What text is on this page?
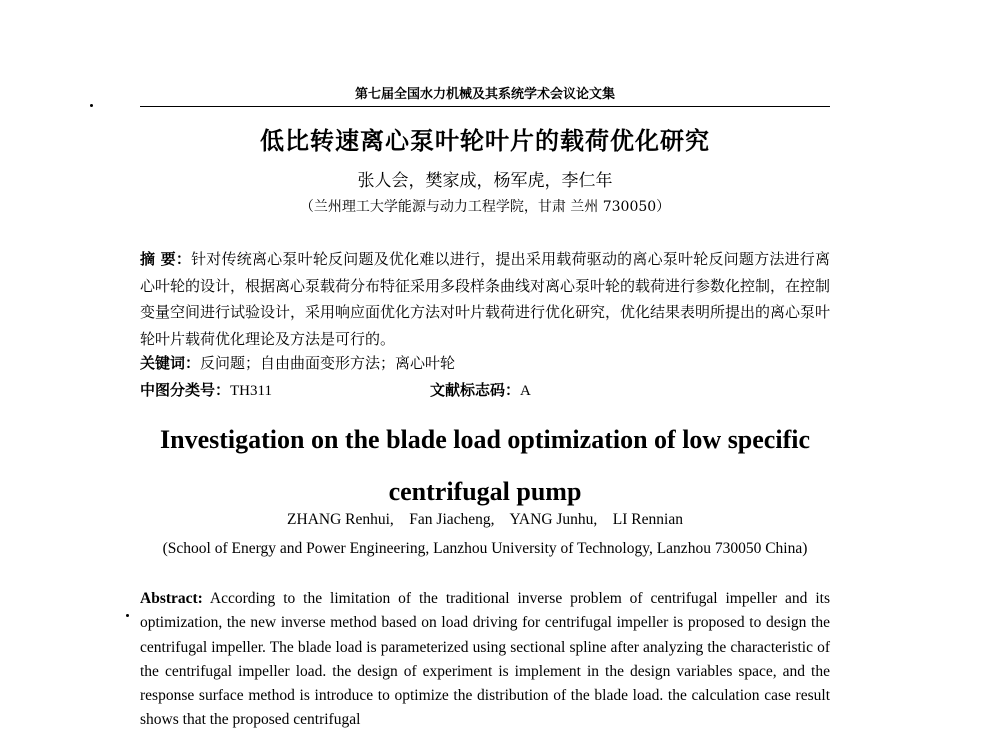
第七届全国水力机械及其系统学术会议论文集
低比转速离心泵叶轮叶片的载荷优化研究
张人会，樊家成，杨军虎，李仁年
（兰州理工大学能源与动力工程学院，甘肃 兰州 730050）
摘 要：针对传统离心泵叶轮反问题及优化难以进行，提出采用载荷驱动的离心泵叶轮反问题方法进行离心叶轮的设计，根据离心泵载荷分布特征采用多段样条曲线对离心泵叶轮的载荷进行参数化控制，在控制变量空间进行试验设计，采用响应面优化方法对叶片载荷进行优化研究，优化结果表明所提出的离心泵叶轮叶片载荷优化理论及方法是可行的。
关键词：反问题；自由曲面变形方法；离心叶轮
中图分类号：TH311	文献标志码：A
Investigation on the blade load optimization of low specific
centrifugal pump
ZHANG Renhui,    Fan Jiacheng,    YANG Junhu,    LI Rennian
(School of Energy and Power Engineering, Lanzhou University of Technology, Lanzhou 730050 China)
Abstract: According to the limitation of the traditional inverse problem of centrifugal impeller and its optimization, the new inverse method based on load driving for centrifugal impeller is proposed to design the centrifugal impeller. The blade load is parameterized using sectional spline after analyzing the characteristic of the centrifugal impeller load. the design of experiment is implement in the design variables space, and the response surface method is introduce to optimize the distribution of the blade load. the calculation case result shows that the proposed centrifugal
